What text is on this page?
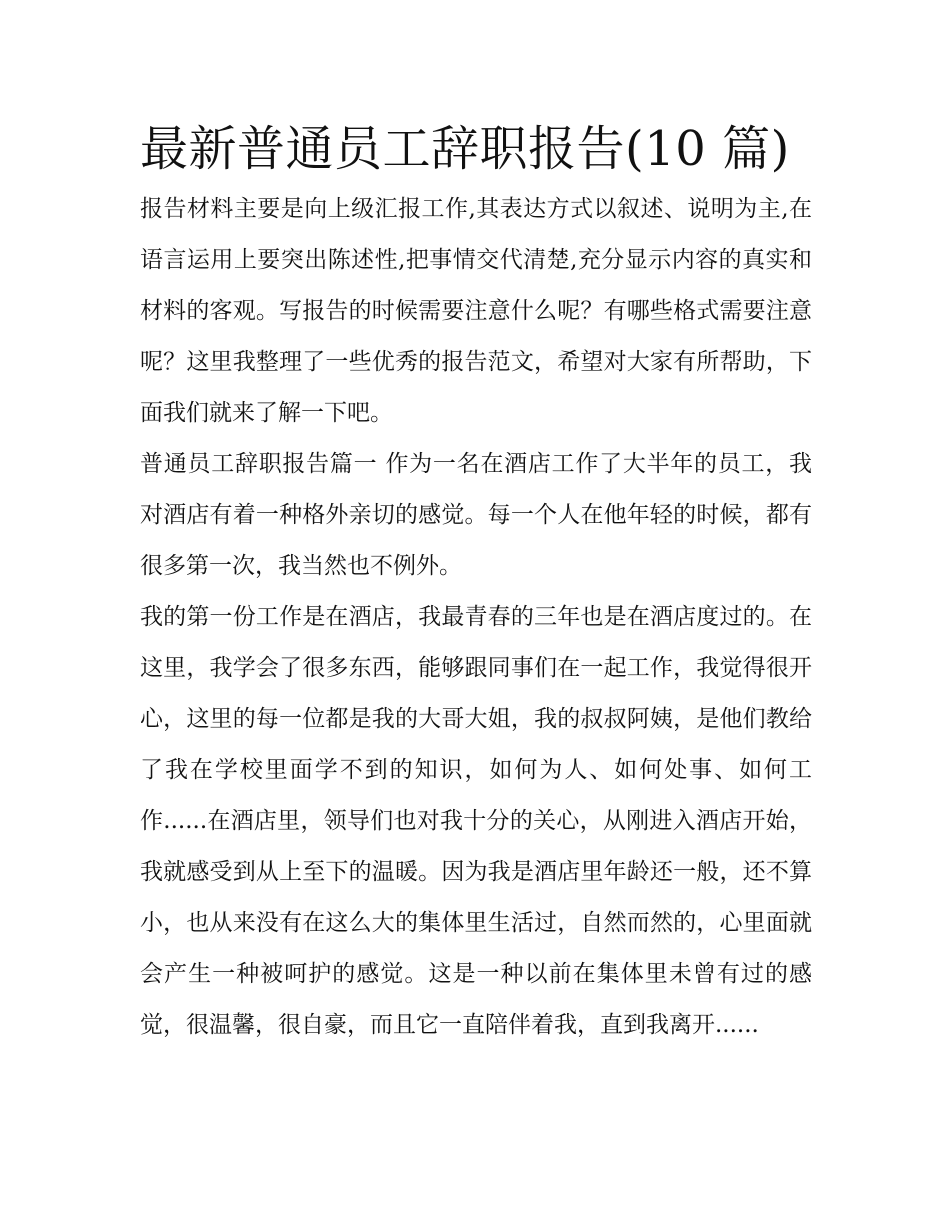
最新普通员工辞职报告(10 篇)

报告材料主要是向上级汇报工作,其表达方式以叙述、说明为主,在语言运用上要突出陈述性,把事情交代清楚,充分显示内容的真实和材料的客观。写报告的时候需要注意什么呢？有哪些格式需要注意呢？这里我整理了一些优秀的报告范文，希望对大家有所帮助，下面我们就来了解一下吧。

普通员工辞职报告篇一 作为一名在酒店工作了大半年的员工，我对酒店有着一种格外亲切的感觉。每一个人在他年轻的时候，都有很多第一次，我当然也不例外。

我的第一份工作是在酒店，我最青春的三年也是在酒店度过的。在这里，我学会了很多东西，能够跟同事们在一起工作，我觉得很开心，这里的每一位都是我的大哥大姐，我的叔叔阿姨，是他们教给了我在学校里面学不到的知识，如何为人、如何处事、如何工作......在酒店里，领导们也对我十分的关心，从刚进入酒店开始，我就感受到从上至下的温暖。因为我是酒店里年龄还一般，还不算小，也从来没有在这么大的集体里生活过，自然而然的，心里面就会产生一种被呵护的感觉。这是一种以前在集体里未曾有过的感觉，很温馨，很自豪，而且它一直陪伴着我，直到我离开......
